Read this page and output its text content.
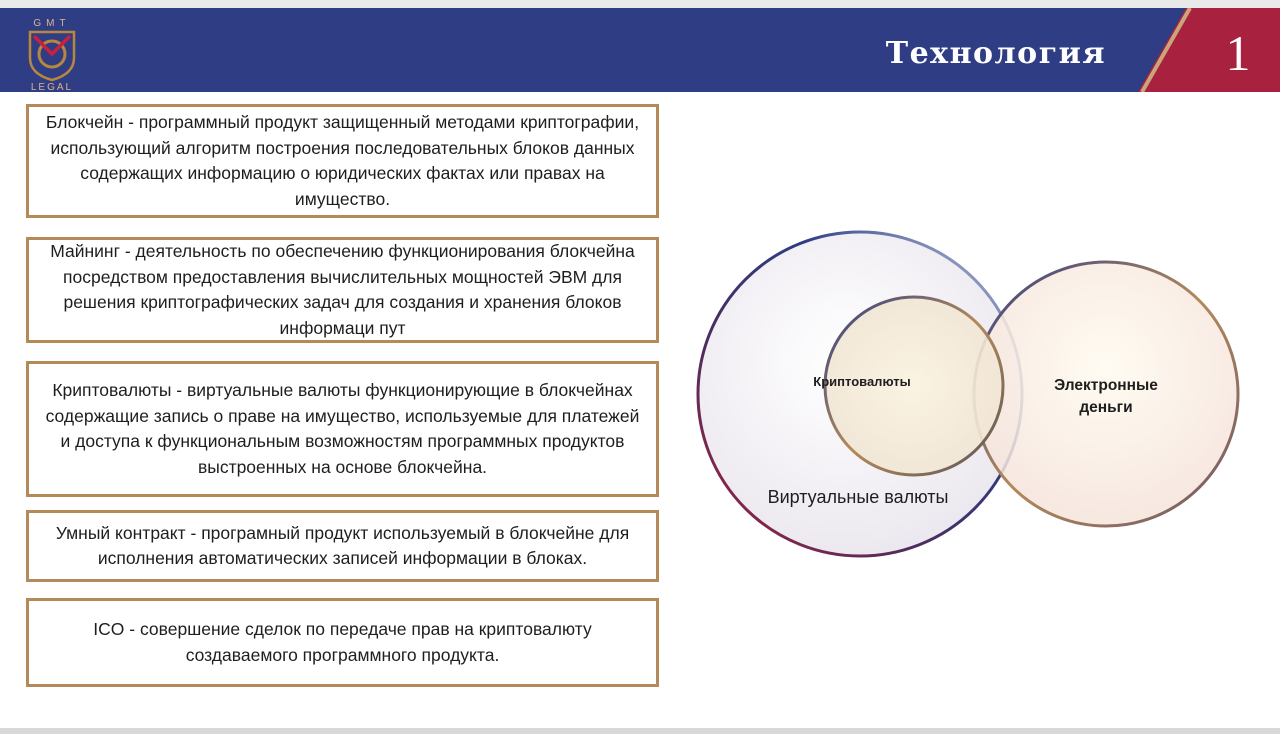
GMT
LEGAL
Технология 1
Блокчейн - программный продукт защищенный методами криптографии, использующий алгоритм построения последовательных блоков данных содержащих информацию о юридических фактах или правах на имущество.
Майнинг - деятельность по обеспечению функционирования блокчейна посредством предоставления вычислительных мощностей ЭВМ для решения криптографических задач для создания и хранения блоков информаци пут
Криптовалюты - виртуальные валюты функционирующие в блокчейнах содержащие запись о праве на имущество, используемые для платежей и доступа к функциональным возможностям программных продуктов выстроенных на основе блокчейна.
Умный контракт - програмный продукт используемый в блокчейне для исполнения автоматических записей информации в блоках.
ICO - совершение сделок по передаче прав на криптовалюту создаваемого программного продукта.
Криптовалюты	Электронные
деньги
Виртуальные валюты
